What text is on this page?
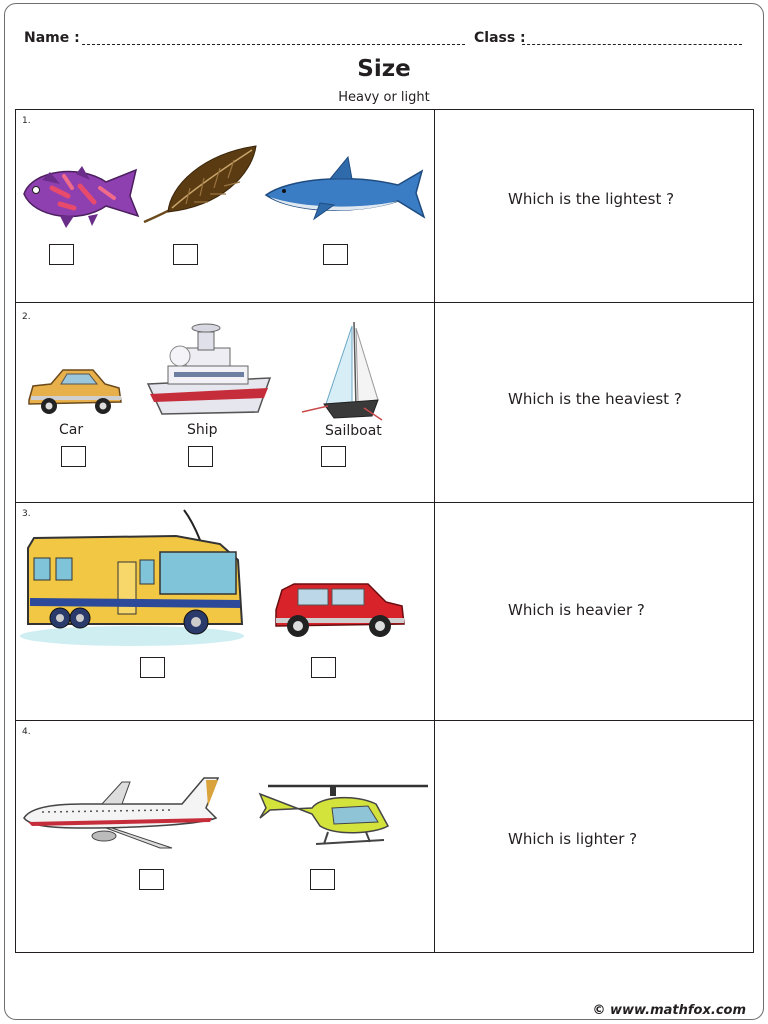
Name :	Class :
Size
Heavy or light
1.
Which is the lightest ?
2.
Car	Ship	Sailboat
Which is the heaviest ?
3.
Which is heavier ?
4.
Which is lighter ?
© www.mathfox.com
